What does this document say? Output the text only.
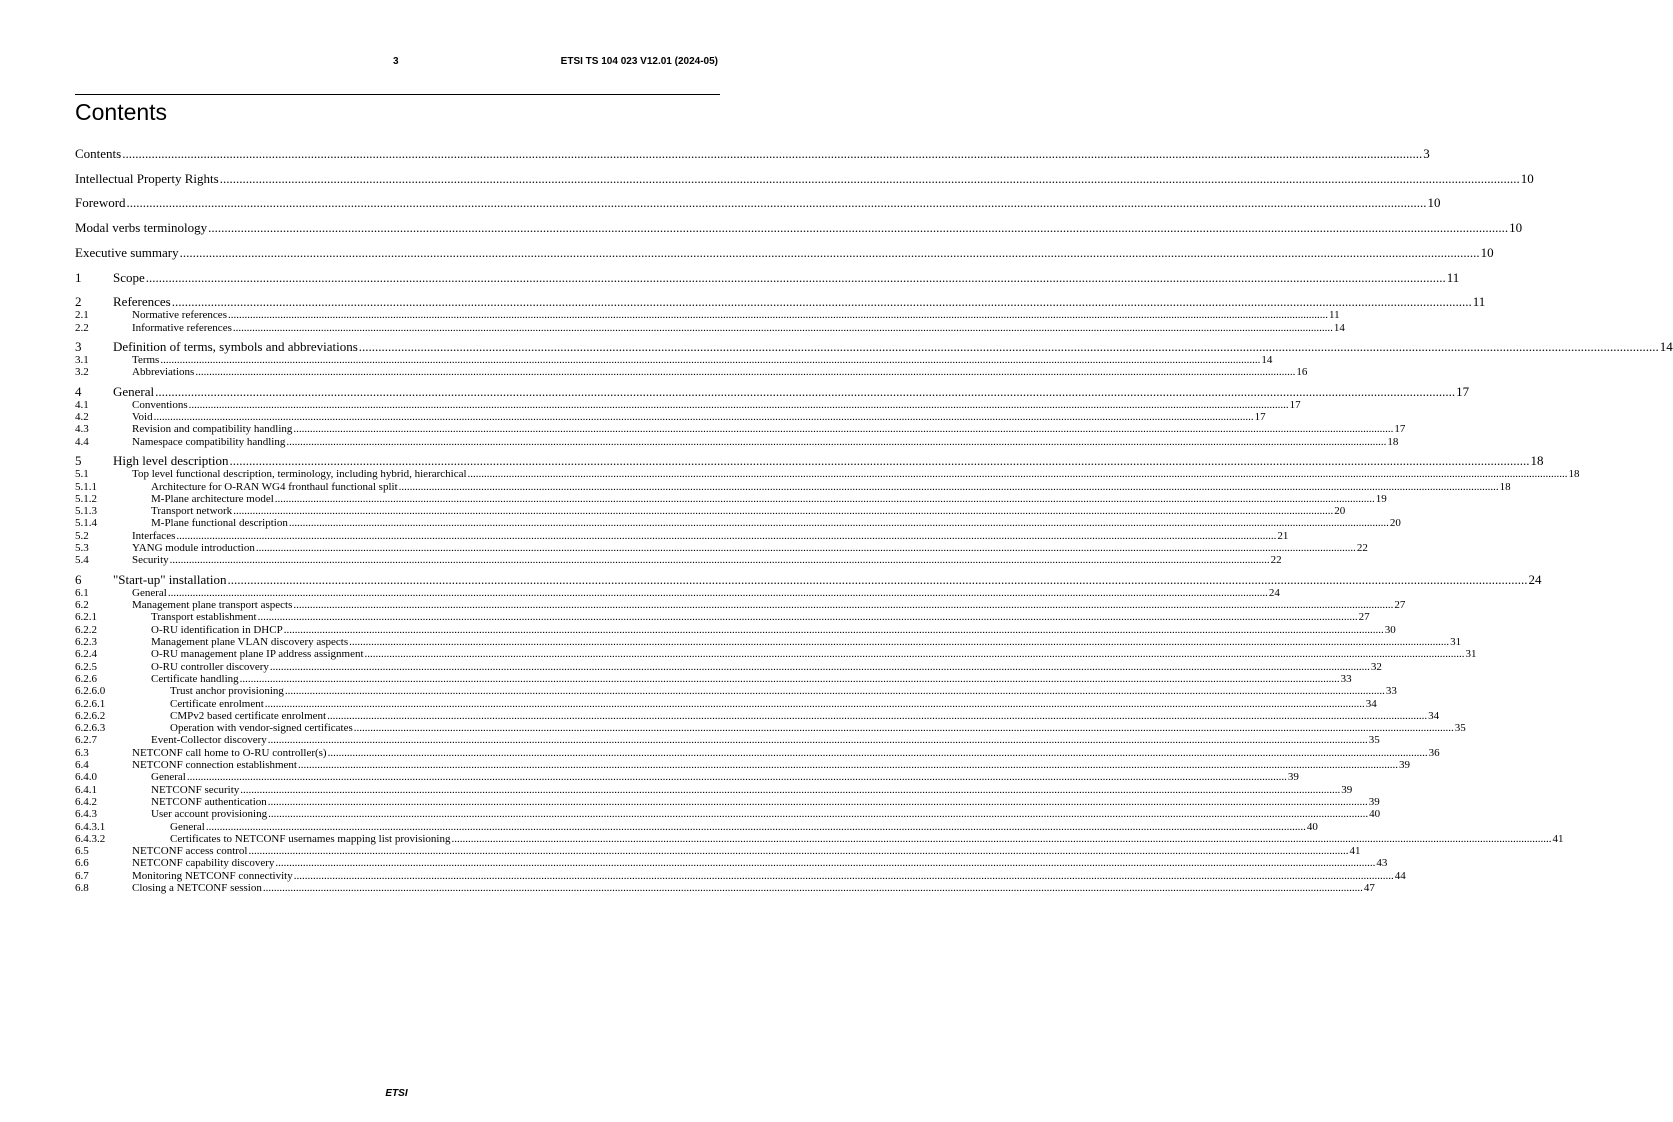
3	ETSI TS 104 023 V12.01 (2024-05)
Contents
Contents ................................................................................................................................................................................................................................................................................................................................................................................................................ 3
Intellectual Property Rights ................................................................................................................................................................................................................................................................................................................................................................................................................ 10
Foreword ................................................................................................................................................................................................................................................................................................................................................................................................................ 10
Modal verbs terminology ................................................................................................................................................................................................................................................................................................................................................................................................................ 10
Executive summary ................................................................................................................................................................................................................................................................................................................................................................................................................ 10
1	Scope ................................................................................................................................................................................................................................................................................................................................................................................................................ 11
2	References ................................................................................................................................................................................................................................................................................................................................................................................................................ 11
2.1	Normative references ................................................................................................................................................................................................................................................................................................................................................................................................................ 11
2.2	Informative references ................................................................................................................................................................................................................................................................................................................................................................................................................ 14
3	Definition of terms, symbols and abbreviations ................................................................................................................................................................................................................................................................................................................................................................................................................ 14
3.1	Terms ................................................................................................................................................................................................................................................................................................................................................................................................................ 14
3.2	Abbreviations ................................................................................................................................................................................................................................................................................................................................................................................................................ 16
4	General ................................................................................................................................................................................................................................................................................................................................................................................................................ 17
4.1	Conventions ................................................................................................................................................................................................................................................................................................................................................................................................................ 17
4.2	Void ................................................................................................................................................................................................................................................................................................................................................................................................................ 17
4.3	Revision and compatibility handling ................................................................................................................................................................................................................................................................................................................................................................................................................ 17
4.4	Namespace compatibility handling ................................................................................................................................................................................................................................................................................................................................................................................................................ 18
5	High level description ................................................................................................................................................................................................................................................................................................................................................................................................................ 18
5.1	Top level functional description, terminology, including hybrid, hierarchical ................................................................................................................................................................................................................................................................................................................................................................................................................ 18
5.1.1	Architecture for O-RAN WG4 fronthaul functional split ................................................................................................................................................................................................................................................................................................................................................................................................................ 18
5.1.2	M-Plane architecture model ................................................................................................................................................................................................................................................................................................................................................................................................................ 19
5.1.3	Transport network ................................................................................................................................................................................................................................................................................................................................................................................................................ 20
5.1.4	M-Plane functional description ................................................................................................................................................................................................................................................................................................................................................................................................................ 20
5.2	Interfaces ................................................................................................................................................................................................................................................................................................................................................................................................................ 21
5.3	YANG module introduction ................................................................................................................................................................................................................................................................................................................................................................................................................ 22
5.4	Security ................................................................................................................................................................................................................................................................................................................................................................................................................ 22
6	"Start-up" installation ................................................................................................................................................................................................................................................................................................................................................................................................................ 24
6.1	General ................................................................................................................................................................................................................................................................................................................................................................................................................ 24
6.2	Management plane transport aspects ................................................................................................................................................................................................................................................................................................................................................................................................................ 27
6.2.1	Transport establishment ................................................................................................................................................................................................................................................................................................................................................................................................................ 27
6.2.2	O-RU identification in DHCP ................................................................................................................................................................................................................................................................................................................................................................................................................ 30
6.2.3	Management plane VLAN discovery aspects ................................................................................................................................................................................................................................................................................................................................................................................................................ 31
6.2.4	O-RU management plane IP address assignment ................................................................................................................................................................................................................................................................................................................................................................................................................ 31
6.2.5	O-RU controller discovery ................................................................................................................................................................................................................................................................................................................................................................................................................ 32
6.2.6	Certificate handling ................................................................................................................................................................................................................................................................................................................................................................................................................ 33
6.2.6.0	Trust anchor provisioning ................................................................................................................................................................................................................................................................................................................................................................................................................ 33
6.2.6.1	Certificate enrolment ................................................................................................................................................................................................................................................................................................................................................................................................................ 34
6.2.6.2	CMPv2 based certificate enrolment ................................................................................................................................................................................................................................................................................................................................................................................................................ 34
6.2.6.3	Operation with vendor-signed certificates ................................................................................................................................................................................................................................................................................................................................................................................................................ 35
6.2.7	Event-Collector discovery ................................................................................................................................................................................................................................................................................................................................................................................................................ 35
6.3	NETCONF call home to O-RU controller(s) ................................................................................................................................................................................................................................................................................................................................................................................................................ 36
6.4	NETCONF connection establishment ................................................................................................................................................................................................................................................................................................................................................................................................................ 39
6.4.0	General ................................................................................................................................................................................................................................................................................................................................................................................................................ 39
6.4.1	NETCONF security ................................................................................................................................................................................................................................................................................................................................................................................................................ 39
6.4.2	NETCONF authentication ................................................................................................................................................................................................................................................................................................................................................................................................................ 39
6.4.3	User account provisioning ................................................................................................................................................................................................................................................................................................................................................................................................................ 40
6.4.3.1	General ................................................................................................................................................................................................................................................................................................................................................................................................................ 40
6.4.3.2	Certificates to NETCONF usernames mapping list provisioning ................................................................................................................................................................................................................................................................................................................................................................................................................ 41
6.5	NETCONF access control ................................................................................................................................................................................................................................................................................................................................................................................................................ 41
6.6	NETCONF capability discovery ................................................................................................................................................................................................................................................................................................................................................................................................................ 43
6.7	Monitoring NETCONF connectivity ................................................................................................................................................................................................................................................................................................................................................................................................................ 44
6.8	Closing a NETCONF session ................................................................................................................................................................................................................................................................................................................................................................................................................ 47
ETSI
